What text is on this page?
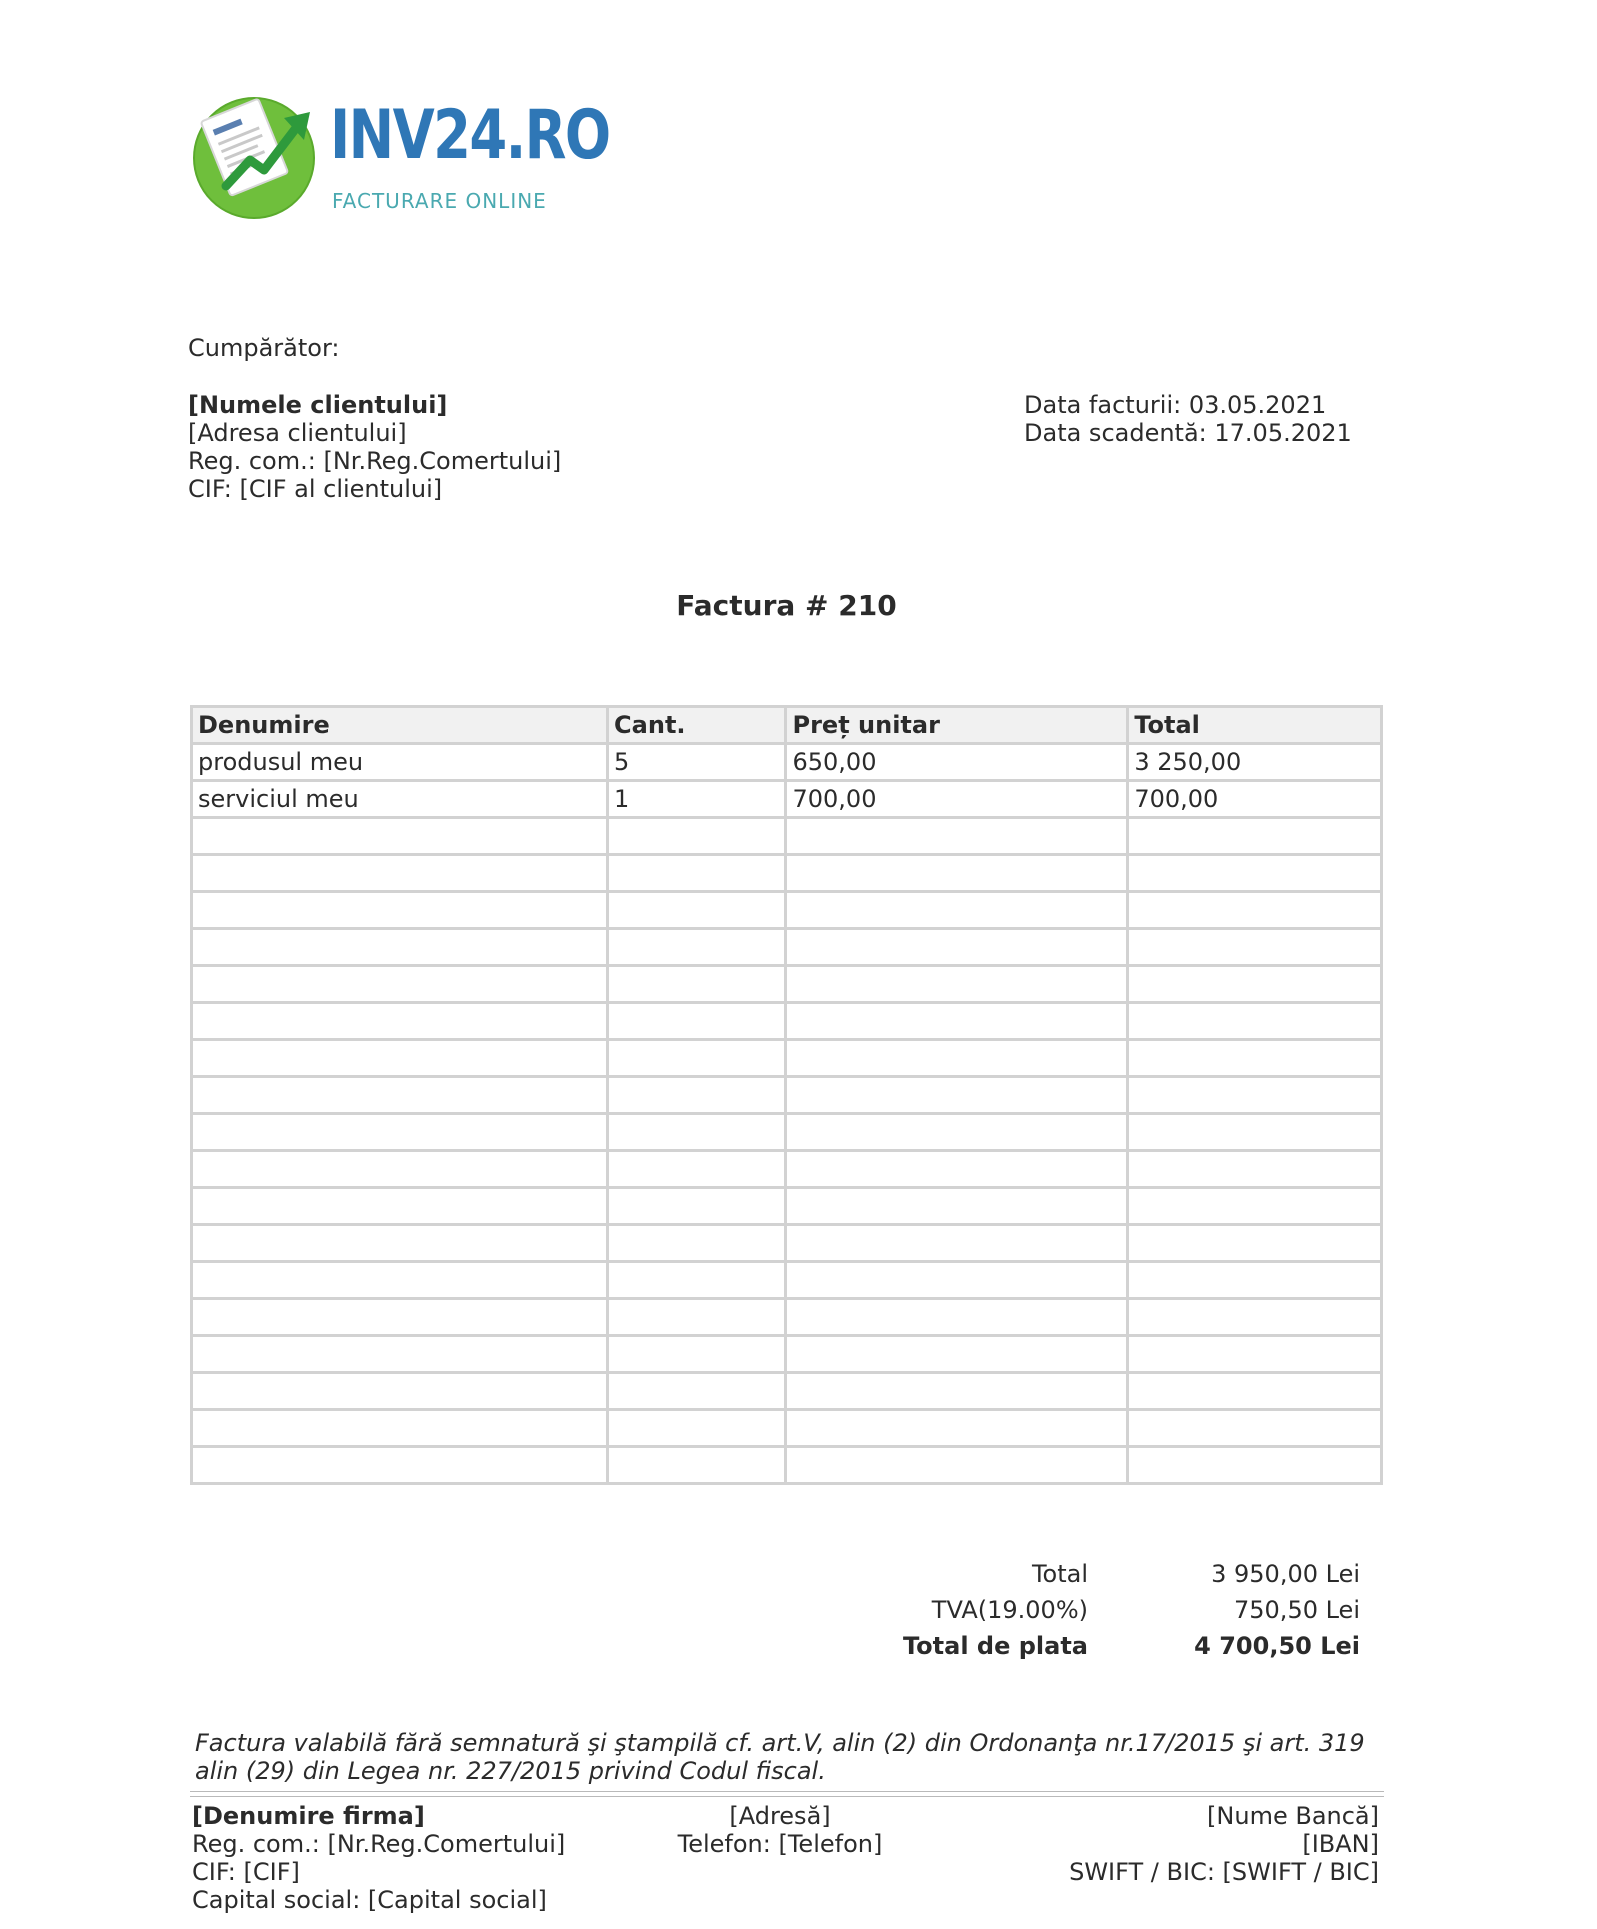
INV24.RO
FACTURARE ONLINE
Cumpărător:
[Numele clientului]
[Adresa clientului]
Reg. com.: [Nr.Reg.Comertului]
CIF: [CIF al clientului]
Data facturii: 03.05.2021
Data scadentă: 17.05.2021
Factura # 210
Denumire	Cant.	Preț unitar	Total
produsul meu	5	650,00	3 250,00
serviciul meu	1	700,00	700,00

Total	3 950,00 Lei
TVA(19.00%)	750,50 Lei
Total de plata	4 700,50 Lei
Factura valabilă fără semnatură şi ştampilă cf. art.V, alin (2) din Ordonanţa nr.17/2015 şi art. 319 alin (29) din Legea nr. 227/2015 privind Codul fiscal.
[Denumire firma]
Reg. com.: [Nr.Reg.Comertului]
CIF: [CIF]
Capital social: [Capital social]
[Adresă]
Telefon: [Telefon]
[Nume Bancă]
[IBAN]
SWIFT / BIC: [SWIFT / BIC]
